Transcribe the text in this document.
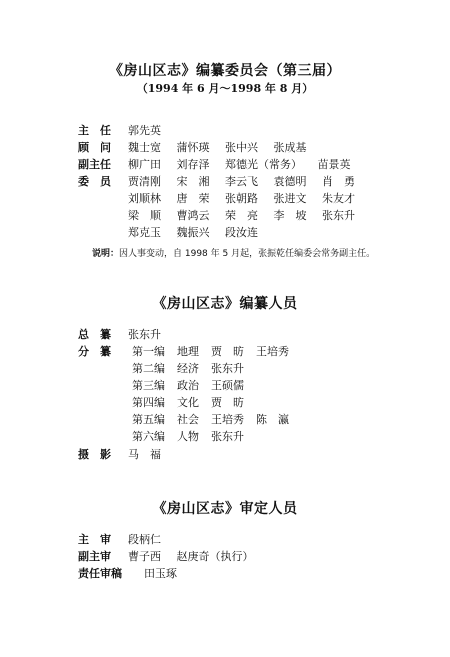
《房山区志》编纂委员会（第三届）
（1994 年 6 月～1998 年 8 月）
主　任	郭先英
顾　问	魏士宽 蒲怀瑛 张中兴 张成基
副主任	柳广田 刘存泽 郑德光（常务） 苗景英
委　员	贾清刚 宋　湘 李云飞 袁德明 肖　勇
刘顺林 唐　荣 张朝路 张进文 朱友才
梁　顺 曹鸿云 荣　亮 李　坡 张东升
郑克玉 魏振兴 段汝连
说明：因人事变动，自 1998 年 5 月起，张振乾任编委会常务副主任。
《房山区志》编纂人员
总　纂	张东升
分　纂	第一编 地理 贾　昉 王培秀
第二编 经济 张东升
第三编 政治 王硕儒
第四编 文化 贾　昉
第五编 社会 王培秀 陈　瀛
第六编 人物 张东升
摄　影	马　福
《房山区志》审定人员
主　审	段柄仁
副主审	曹子西 赵庚奇（执行）
责任审稿	田玉琢
